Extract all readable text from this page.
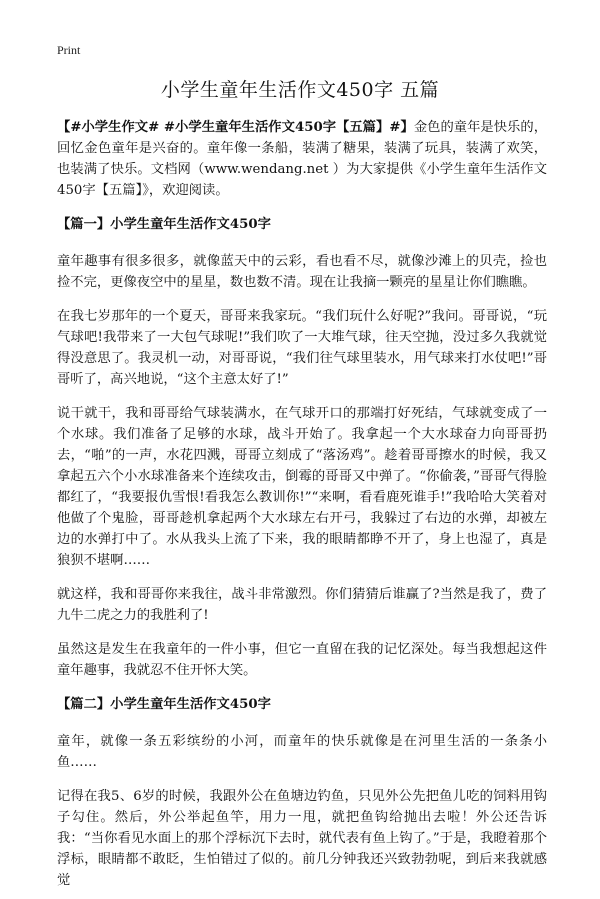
Print
小学生童年生活作文450字 五篇

【#小学生作文# #小学生童年生活作文450字【五篇】#】金色的童年是快乐的，回忆金色童年是兴奋的。童年像一条船，装满了糖果，装满了玩具，装满了欢笑，也装满了快乐。文档网（www.wendang.net ）为大家提供《小学生童年生活作文450字【五篇】》，欢迎阅读。

【篇一】小学生童年生活作文450字

童年趣事有很多很多，就像蓝天中的云彩，看也看不尽，就像沙滩上的贝壳，捡也捡不完，更像夜空中的星星，数也数不清。现在让我摘一颗亮的星星让你们瞧瞧。

在我七岁那年的一个夏天，哥哥来我家玩。“我们玩什么好呢?”我问。哥哥说，“玩气球吧!我带来了一大包气球呢!”我们吹了一大堆气球，往天空抛，没过多久我就觉得没意思了。我灵机一动，对哥哥说，“我们往气球里装水，用气球来打水仗吧!”哥哥听了，高兴地说，“这个主意太好了!”

说干就干，我和哥哥给气球装满水，在气球开口的那端打好死结，气球就变成了一个水球。我们准备了足够的水球，战斗开始了。我拿起一个大水球奋力向哥哥扔去，“啪”的一声，水花四溅，哥哥立刻成了“落汤鸡”。趁着哥哥擦水的时候，我又拿起五六个小水球准备来个连续攻击，倒霉的哥哥又中弹了。“你偷袭，”哥哥气得脸都红了，“我要报仇雪恨!看我怎么教训你!”“来啊，看看鹿死谁手!”我哈哈大笑着对他做了个鬼脸，哥哥趁机拿起两个大水球左右开弓，我躲过了右边的水弹，却被左边的水弹打中了。水从我头上流了下来，我的眼睛都睁不开了，身上也湿了，真是狼狈不堪啊……

就这样，我和哥哥你来我往，战斗非常激烈。你们猜猜后谁赢了?当然是我了，费了九牛二虎之力的我胜利了!

虽然这是发生在我童年的一件小事，但它一直留在我的记忆深处。每当我想起这件童年趣事，我就忍不住开怀大笑。

【篇二】小学生童年生活作文450字

童年，就像一条五彩缤纷的小河，而童年的快乐就像是在河里生活的一条条小鱼……

记得在我5、6岁的时候，我跟外公在鱼塘边钓鱼，只见外公先把鱼儿吃的饲料用钩子勾住。然后，外公举起鱼竿，用力一甩，就把鱼钩给抛出去啦！外公还告诉我：“当你看见水面上的那个浮标沉下去时，就代表有鱼上钩了。”于是，我瞪着那个浮标，眼睛都不敢眨，生怕错过了似的。前几分钟我还兴致勃勃呢，到后来我就感觉
